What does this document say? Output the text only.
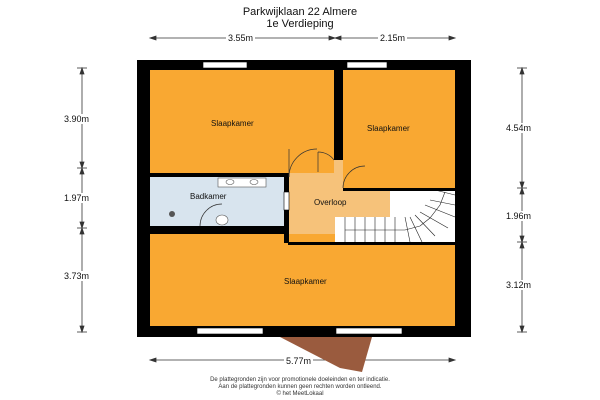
Parkwijklaan 22 Almere
1e Verdieping
3.55m	2.15m
3.90m
1.97m
3.73m
4.54m
1.96m
3.12m
5.77m
Slaapkamer
Slaapkamer
Badkamer
Overloop
Slaapkamer
De plattegronden zijn voor promotionele doeleinden en ter indicatie.
Aan de plattegronden kunnen geen rechten worden ontleend.
© het MeetLokaal
